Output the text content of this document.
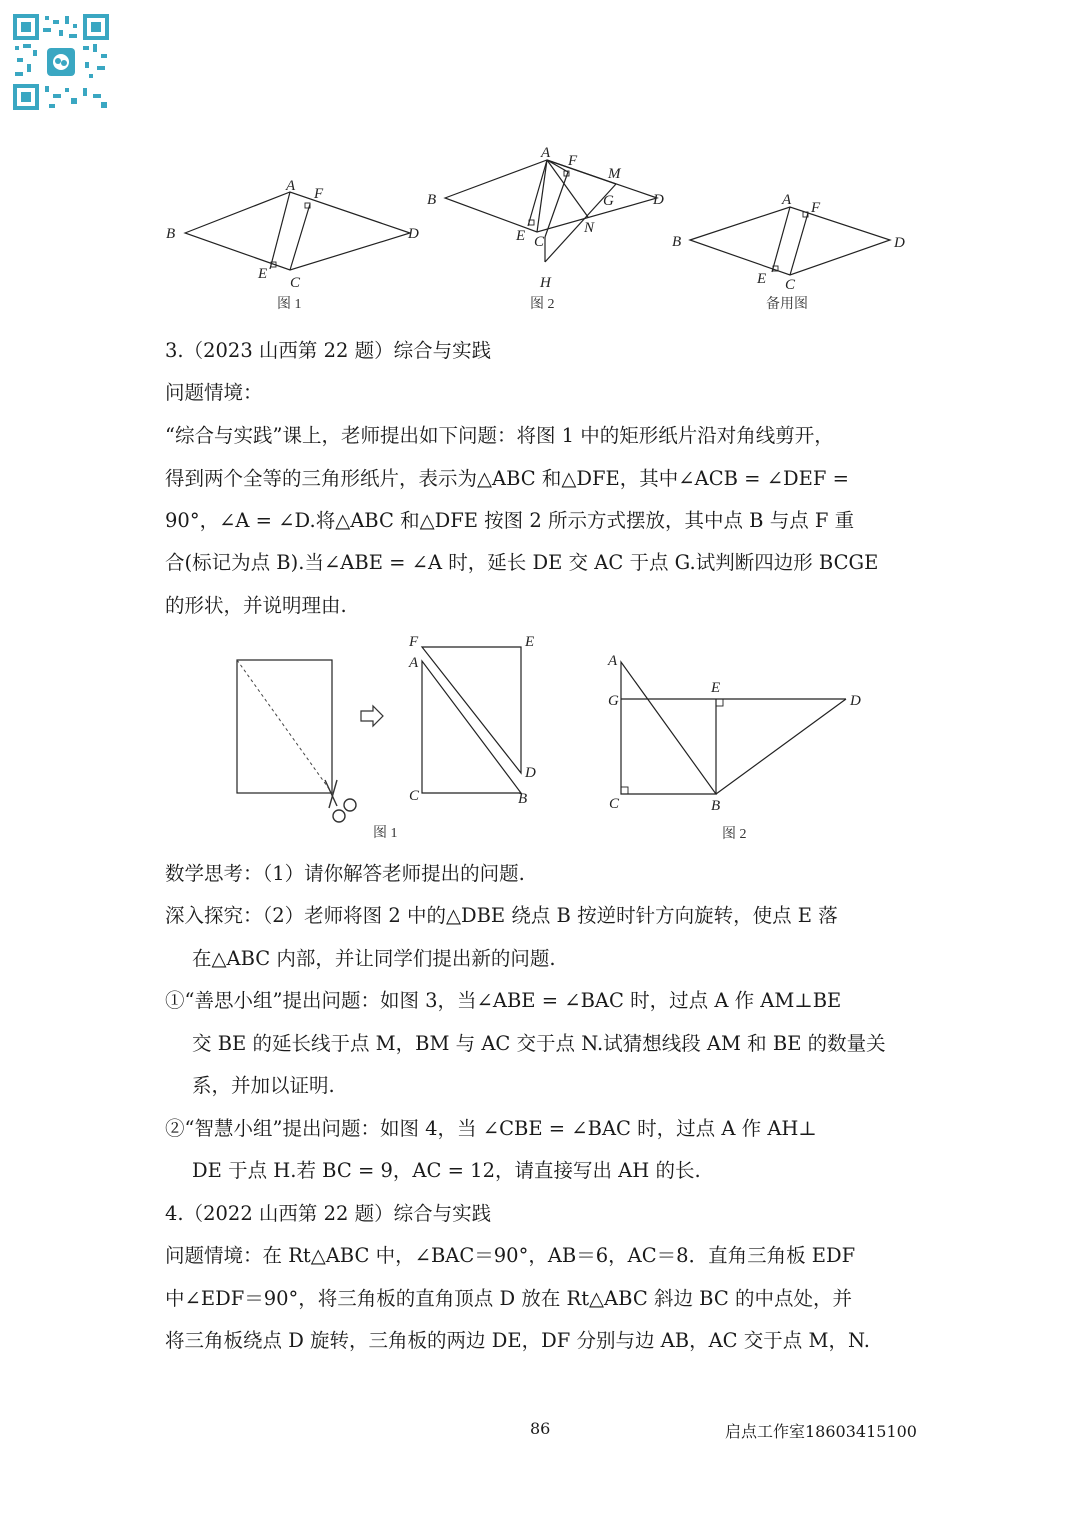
A F
B	D
E
C
图 1
A F
M
B	G	D
E C
N
H
图 2
A F
B	D
E C
备用图
3.（2023 山西第 22 题）综合与实践
问题情境：
“综合与实践”课上，老师提出如下问题：将图 1 中的矩形纸片沿对角线剪开，
得到两个全等的三角形纸片，表示为△ABC 和△DFE，其中∠ACB = ∠DEF =
90°，∠A = ∠D.将△ABC 和△DFE 按图 2 所示方式摆放，其中点 B 与点 F 重
合(标记为点 B).当∠ABE = ∠A 时，延长 DE 交 AC 于点 G.试判断四边形 BCGE
的形状，并说明理由.
F	E
A
D
C	B
图 1
A
E
G	D
C	B
图 2
数学思考：（1）请你解答老师提出的问题.
深入探究：（2）老师将图 2 中的△DBE 绕点 B 按逆时针方向旋转，使点 E 落
在△ABC 内部，并让同学们提出新的问题.
①“善思小组”提出问题：如图 3，当∠ABE = ∠BAC 时，过点 A 作 AM⊥BE
交 BE 的延长线于点 M，BM 与 AC 交于点 N.试猜想线段 AM 和 BE 的数量关
系，并加以证明.
②“智慧小组”提出问题：如图 4，当 ∠CBE = ∠BAC 时，过点 A 作 AH⊥
DE 于点 H.若 BC = 9，AC = 12，请直接写出 AH 的长.
4.（2022 山西第 22 题）综合与实践
问题情境：在 Rt△ABC 中，∠BAC＝90°，AB＝6，AC＝8．直角三角板 EDF
中∠EDF＝90°，将三角板的直角顶点 D 放在 Rt△ABC 斜边 BC 的中点处，并
将三角板绕点 D 旋转，三角板的两边 DE，DF 分别与边 AB，AC 交于点 M，N.
86	启点工作室18603415100
